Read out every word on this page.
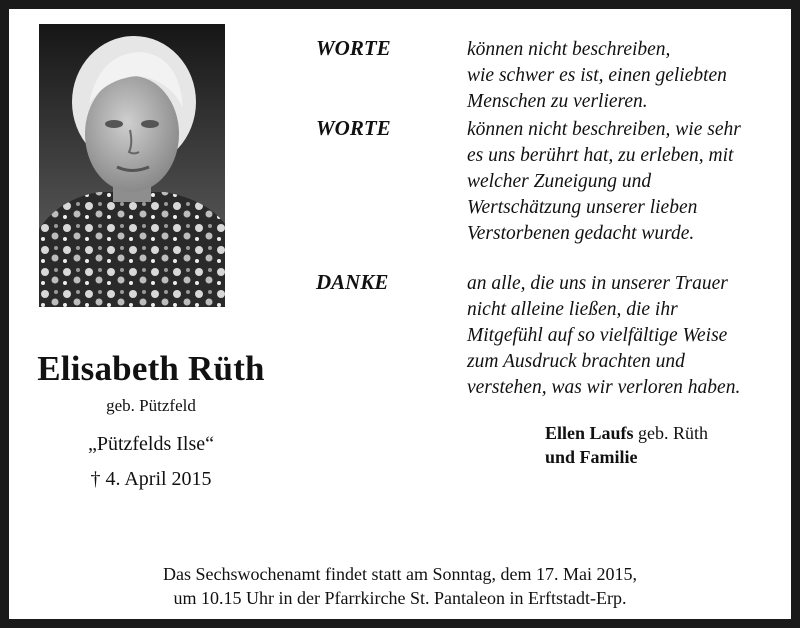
Elisabeth Rüth
geb. Pützfeld
„Pützfelds Ilse“
† 4. April 2015
WORTE	können nicht beschreiben,
wie schwer es ist, einen geliebten
Menschen zu verlieren.
WORTE	können nicht beschreiben, wie sehr
es uns berührt hat, zu erleben, mit
welcher Zuneigung und
Wertschätzung unserer lieben
Verstorbenen gedacht wurde.
DANKE	an alle, die uns in unserer Trauer
nicht alleine ließen, die ihr
Mitgefühl auf so vielfältige Weise
zum Ausdruck brachten und
verstehen, was wir verloren haben.
Ellen Laufs geb. Rüth
und Familie
Das Sechswochenamt findet statt am Sonntag, dem 17. Mai 2015,
um 10.15 Uhr in der Pfarrkirche St. Pantaleon in Erftstadt-Erp.
